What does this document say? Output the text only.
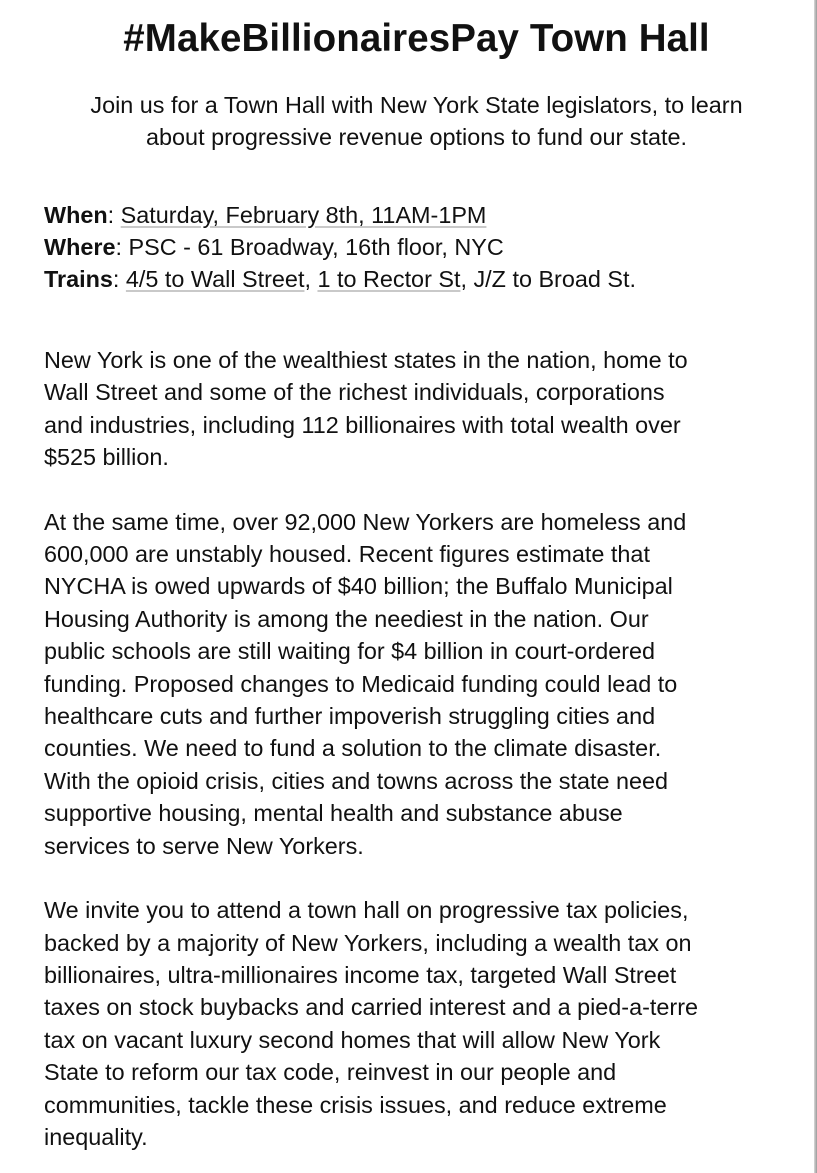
#MakeBillionairesPay Town Hall

Join us for a Town Hall with New York State legislators, to learn
about progressive revenue options to fund our state.

When: Saturday, February 8th, 11AM-1PM
Where: PSC - 61 Broadway, 16th floor, NYC
Trains: 4/5 to Wall Street, 1 to Rector St, J/Z to Broad St.

New York is one of the wealthiest states in the nation, home to
Wall Street and some of the richest individuals, corporations
and industries, including 112 billionaires with total wealth over
$525 billion.

At the same time, over 92,000 New Yorkers are homeless and
600,000 are unstably housed. Recent figures estimate that
NYCHA is owed upwards of $40 billion; the Buffalo Municipal
Housing Authority is among the neediest in the nation. Our
public schools are still waiting for $4 billion in court-ordered
funding. Proposed changes to Medicaid funding could lead to
healthcare cuts and further impoverish struggling cities and
counties. We need to fund a solution to the climate disaster.
With the opioid crisis, cities and towns across the state need
supportive housing, mental health and substance abuse
services to serve New Yorkers.

We invite you to attend a town hall on progressive tax policies,
backed by a majority of New Yorkers, including a wealth tax on
billionaires, ultra-millionaires income tax, targeted Wall Street
taxes on stock buybacks and carried interest and a pied-a-terre
tax on vacant luxury second homes that will allow New York
State to reform our tax code, reinvest in our people and
communities, tackle these crisis issues, and reduce extreme
inequality.
